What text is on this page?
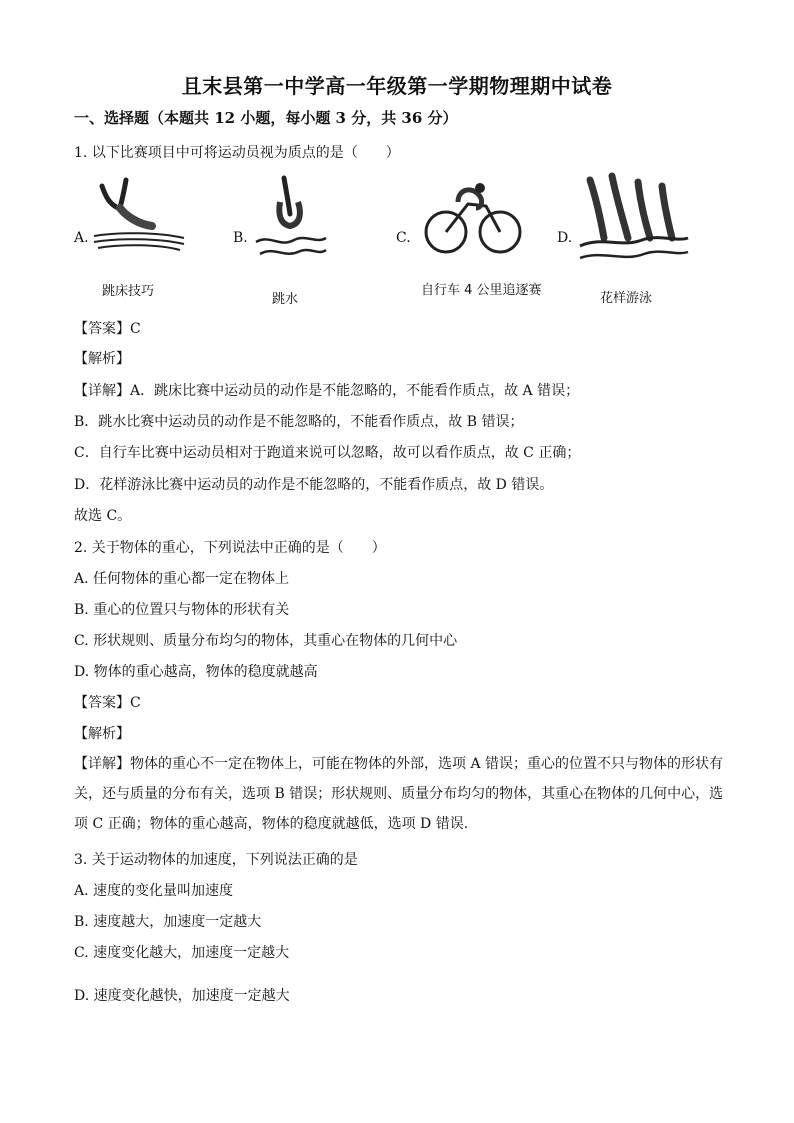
且末县第一中学高一年级第一学期物理期中试卷
一、选择题（本题共 12 小题，每小题 3 分，共 36 分）
1. 以下比赛项目中可将运动员视为质点的是（　　）
A.
跳床技巧
B.
跳水
C.
自行车 4 公里追逐赛
D.
花样游泳
【答案】C
【解析】
【详解】A．跳床比赛中运动员的动作是不能忽略的，不能看作质点，故 A 错误；
B．跳水比赛中运动员的动作是不能忽略的，不能看作质点，故 B 错误；
C．自行车比赛中运动员相对于跑道来说可以忽略，故可以看作质点，故 C 正确；
D．花样游泳比赛中运动员的动作是不能忽略的，不能看作质点，故 D 错误。
故选 C。
2. 关于物体的重心，下列说法中正确的是（　　）
A. 任何物体的重心都一定在物体上
B. 重心的位置只与物体的形状有关
C. 形状规则、质量分布均匀的物体，其重心在物体的几何中心
D. 物体的重心越高，物体的稳度就越高
【答案】C
【解析】
【详解】物体的重心不一定在物体上，可能在物体的外部，选项 A 错误；重心的位置不只与物体的形状有关，还与质量的分布有关，选项 B 错误；形状规则、质量分布均匀的物体，其重心在物体的几何中心，选项 C 正确；物体的重心越高，物体的稳度就越低，选项 D 错误.
3. 关于运动物体的加速度，下列说法正确的是
A. 速度的变化量叫加速度
B. 速度越大，加速度一定越大
C. 速度变化越大，加速度一定越大
D. 速度变化越快，加速度一定越大
